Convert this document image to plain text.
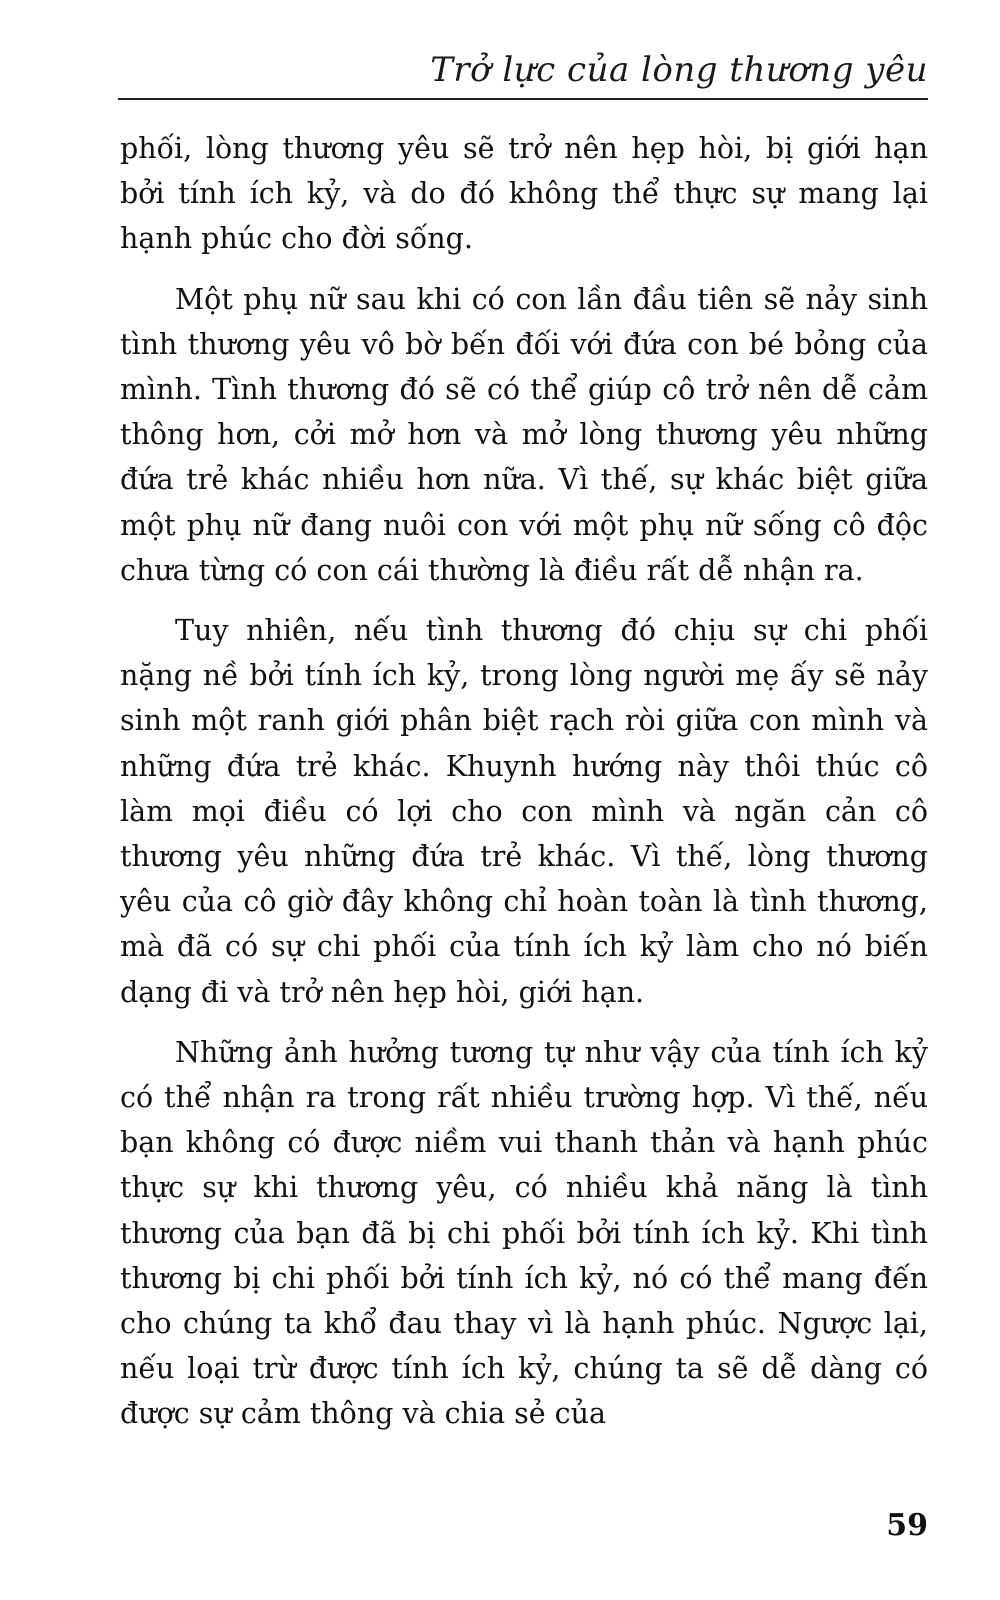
Trở lực của lòng thương yêu

phối, lòng thương yêu sẽ trở nên hẹp hòi, bị giới hạn bởi tính ích kỷ, và do đó không thể thực sự mang lại hạnh phúc cho đời sống.

Một phụ nữ sau khi có con lần đầu tiên sẽ nảy sinh tình thương yêu vô bờ bến đối với đứa con bé bỏng của mình. Tình thương đó sẽ có thể giúp cô trở nên dễ cảm thông hơn, cởi mở hơn và mở lòng thương yêu những đứa trẻ khác nhiều hơn nữa. Vì thế, sự khác biệt giữa một phụ nữ đang nuôi con với một phụ nữ sống cô độc chưa từng có con cái thường là điều rất dễ nhận ra.

Tuy nhiên, nếu tình thương đó chịu sự chi phối nặng nề bởi tính ích kỷ, trong lòng người mẹ ấy sẽ nảy sinh một ranh giới phân biệt rạch ròi giữa con mình và những đứa trẻ khác. Khuynh hướng này thôi thúc cô làm mọi điều có lợi cho con mình và ngăn cản cô thương yêu những đứa trẻ khác. Vì thế, lòng thương yêu của cô giờ đây không chỉ hoàn toàn là tình thương, mà đã có sự chi phối của tính ích kỷ làm cho nó biến dạng đi và trở nên hẹp hòi, giới hạn.

Những ảnh hưởng tương tự như vậy của tính ích kỷ có thể nhận ra trong rất nhiều trường hợp. Vì thế, nếu bạn không có được niềm vui thanh thản và hạnh phúc thực sự khi thương yêu, có nhiều khả năng là tình thương của bạn đã bị chi phối bởi tính ích kỷ. Khi tình thương bị chi phối bởi tính ích kỷ, nó có thể mang đến cho chúng ta khổ đau thay vì là hạnh phúc. Ngược lại, nếu loại trừ được tính ích kỷ, chúng ta sẽ dễ dàng có được sự cảm thông và chia sẻ của

59
